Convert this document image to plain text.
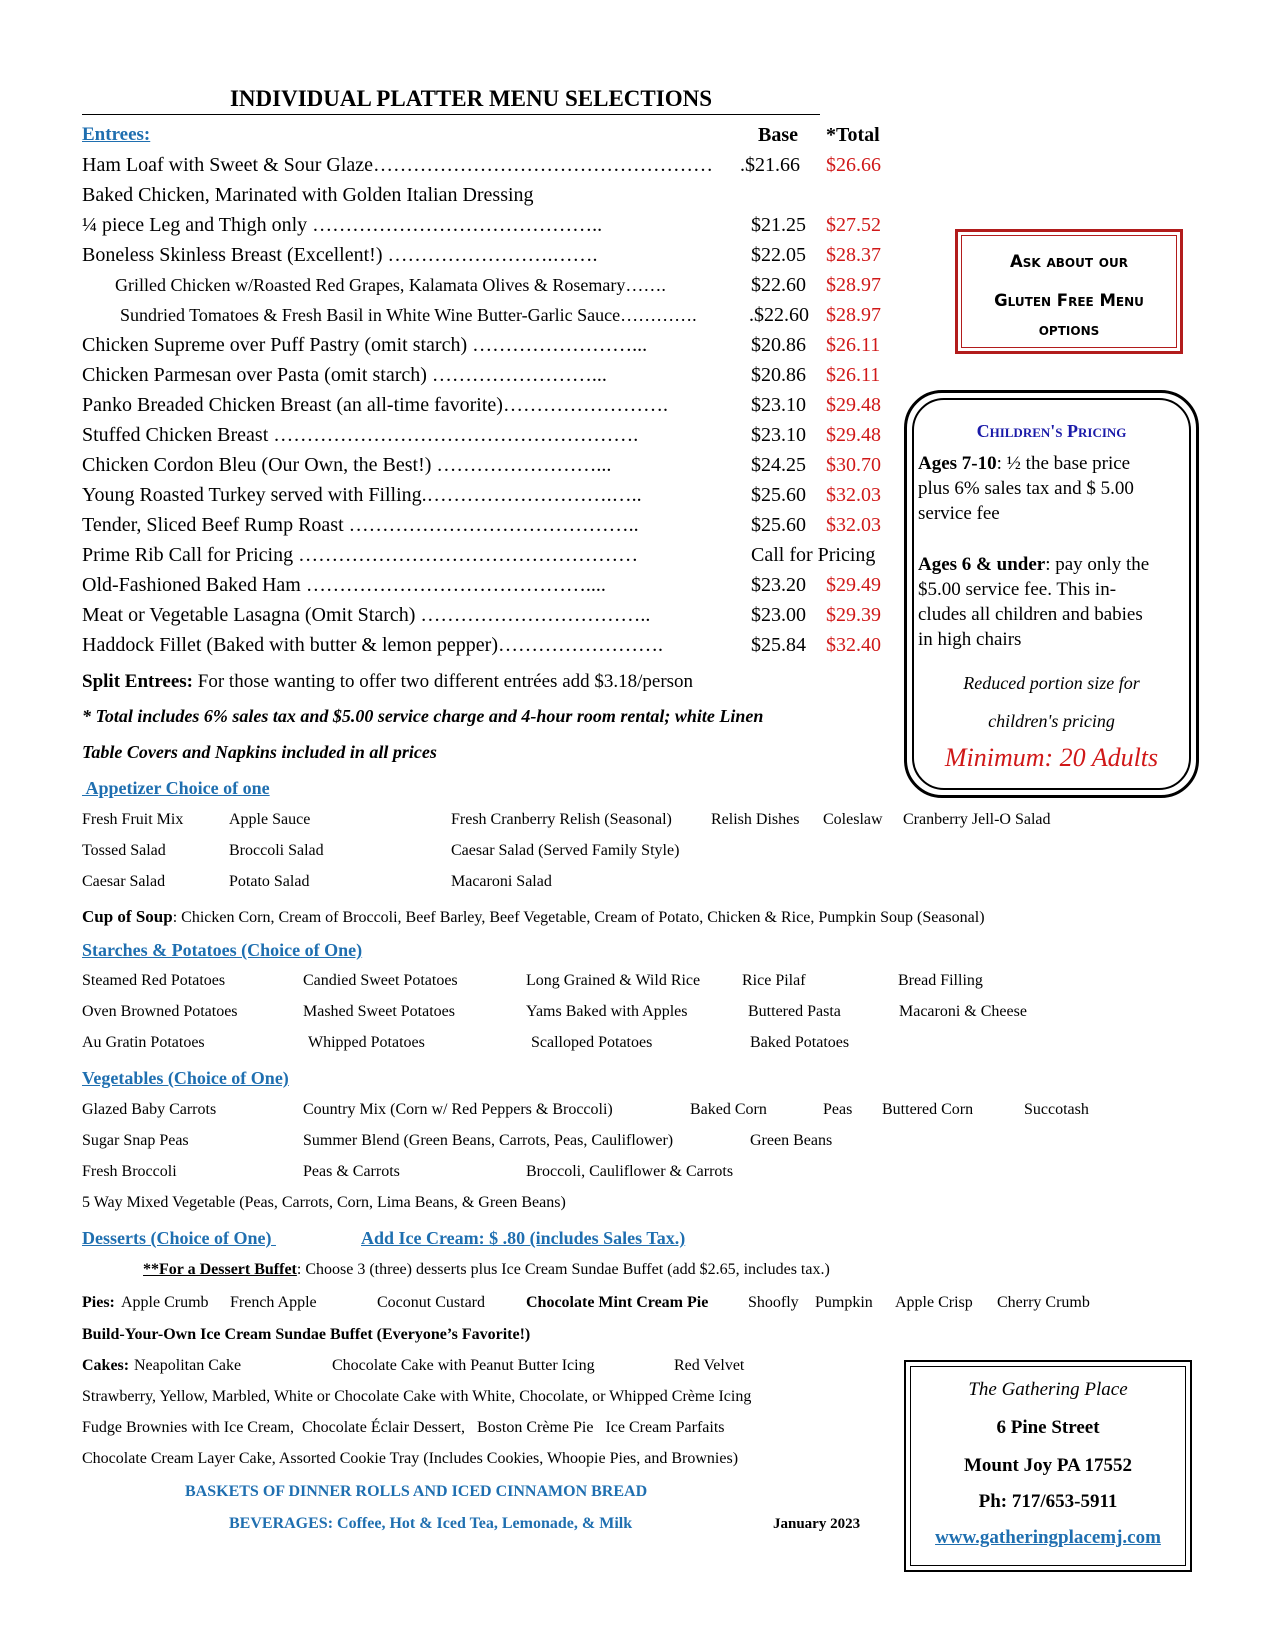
INDIVIDUAL PLATTER MENU SELECTIONS
Entrees:	Base *Total
Ham Loaf with Sweet & Sour Glaze…………………………………………… .$21.66 $26.66
Baked Chicken, Marinated with Golden Italian Dressing
¼ piece Leg and Thigh only ……………………………………..	$21.25 $27.52
Boneless Skinless Breast (Excellent!) …………………….…….	$22.05 $28.37
Grilled Chicken w/Roasted Red Grapes, Kalamata Olives & Rosemary…….	$22.60 $28.97
Sundried Tomatoes & Fresh Basil in White Wine Butter-Garlic Sauce………….	.$22.60 $28.97
Chicken Supreme over Puff Pastry (omit starch) ……………………...	$20.86 $26.11
Chicken Parmesan over Pasta (omit starch) ……………………...	$20.86 $26.11
Panko Breaded Chicken Breast (an all-time favorite)…………………….	$23.10 $29.48
Stuffed Chicken Breast ……………………………………………….	$23.10 $29.48
Chicken Cordon Bleu (Our Own, the Best!) ……………………...	$24.25 $30.70
Young Roasted Turkey served with Filling.……………………….…..	$25.60 $32.03
Tender, Sliced Beef Rump Roast ……………………………………..	$25.60 $32.03
Prime Rib Call for Pricing ……………………………………………	Call for Pricing
Old-Fashioned Baked Ham ……………………………………....	$23.20 $29.49
Meat or Vegetable Lasagna (Omit Starch) ……………………………..	$23.00 $29.39
Haddock Fillet (Baked with butter & lemon pepper)…………………….	$25.84 $32.40
Split Entrees: For those wanting to offer two different entrées add $3.18/person
* Total includes 6% sales tax and $5.00 service charge and 4-hour room rental; white Linen
Table Covers and Napkins included in all prices
Appetizer Choice of one
Fresh Fruit Mix	Apple Sauce	Fresh Cranberry Relish (Seasonal) Relish Dishes Coleslaw Cranberry Jell-O Salad
Tossed Salad	Broccoli Salad	Caesar Salad (Served Family Style)
Caesar Salad	Potato Salad	Macaroni Salad
Cup of Soup: Chicken Corn, Cream of Broccoli, Beef Barley, Beef Vegetable, Cream of Potato, Chicken & Rice, Pumpkin Soup (Seasonal)
Starches & Potatoes (Choice of One)
Steamed Red Potatoes	Candied Sweet Potatoes	Long Grained & Wild Rice	Rice Pilaf	Bread Filling
Oven Browned Potatoes	Mashed Sweet Potatoes	Yams Baked with Apples	Buttered Pasta	Macaroni & Cheese
Au Gratin Potatoes	Whipped Potatoes	Scalloped Potatoes	Baked Potatoes
Vegetables (Choice of One)
Glazed Baby Carrots	Country Mix (Corn w/ Red Peppers & Broccoli)	Baked Corn	Peas Buttered Corn	Succotash
Sugar Snap Peas	Summer Blend (Green Beans, Carrots, Peas, Cauliflower)	Green Beans
Fresh Broccoli	Peas & Carrots	Broccoli, Cauliflower & Carrots
5 Way Mixed Vegetable (Peas, Carrots, Corn, Lima Beans, & Green Beans)
Desserts (Choice of One)	Add Ice Cream: $ .80 (includes Sales Tax.)
**For a Dessert Buffet: Choose 3 (three) desserts plus Ice Cream Sundae Buffet (add $2.65, includes tax.)
Pies: Apple Crumb French Apple	Coconut Custard	Chocolate Mint Cream Pie Shoofly Pumpkin Apple Crisp Cherry Crumb
Build-Your-Own Ice Cream Sundae Buffet (Everyone’s Favorite!)
Cakes: Neapolitan Cake	Chocolate Cake with Peanut Butter Icing	Red Velvet
Strawberry, Yellow, Marbled, White or Chocolate Cake with White, Chocolate, or Whipped Crème Icing
Fudge Brownies with Ice Cream,  Chocolate Éclair Dessert,   Boston Crème Pie   Ice Cream Parfaits
Chocolate Cream Layer Cake, Assorted Cookie Tray (Includes Cookies, Whoopie Pies, and Brownies)
BASKETS OF DINNER ROLLS AND ICED CINNAMON BREAD
BEVERAGES: Coffee, Hot & Iced Tea, Lemonade, & Milk	January 2023
Ask about our
Gluten Free Menu
options
Children's Pricing
Ages 7-10: ½ the base price
plus 6% sales tax and $ 5.00
service fee
Ages 6 & under: pay only the
$5.00 service fee. This in-
cludes all children and babies
in high chairs
Reduced portion size for
children's pricing
Minimum: 20 Adults
The Gathering Place
6 Pine Street
Mount Joy PA 17552
Ph: 717/653-5911
www.gatheringplacemj.com
